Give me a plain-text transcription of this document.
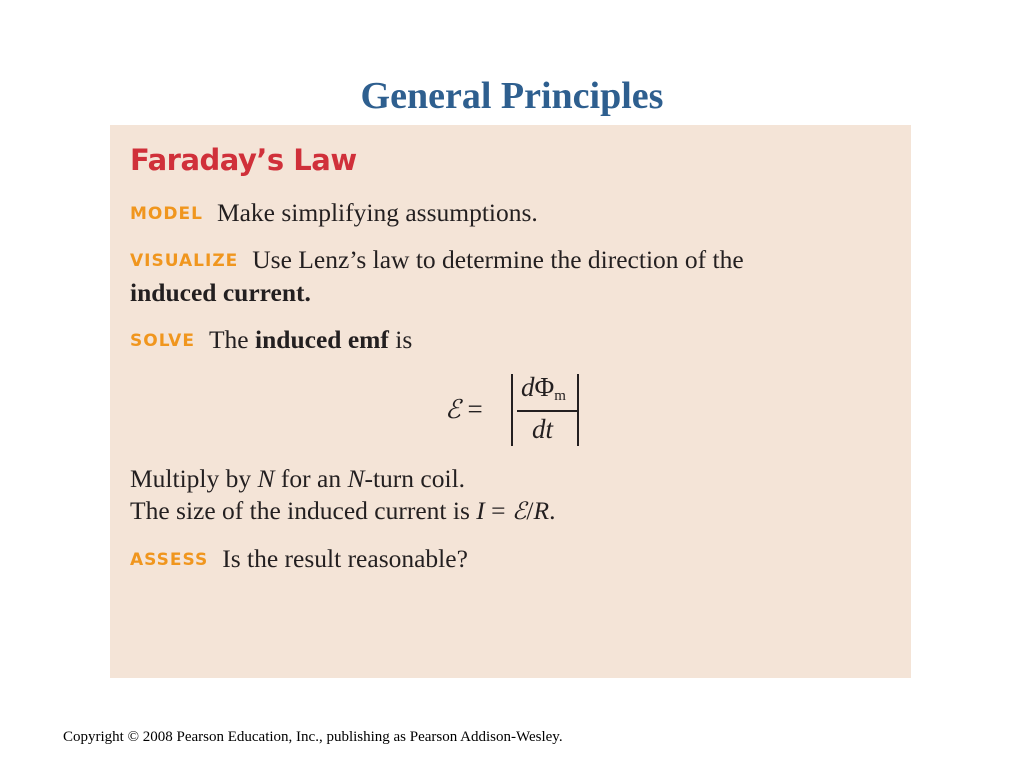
General Principles
Faraday’s Law
MODEL Make simplifying assumptions.
VISUALIZE Use Lenz’s law to determine the direction of the
induced current.
SOLVE The induced emf is
ℰ =
$d\Phi_m$
dt
Multiply by N for an N-turn coil.
The size of the induced current is I = ℰ/R.
ASSESS Is the result reasonable?
Copyright © 2008 Pearson Education, Inc., publishing as Pearson Addison-Wesley.
